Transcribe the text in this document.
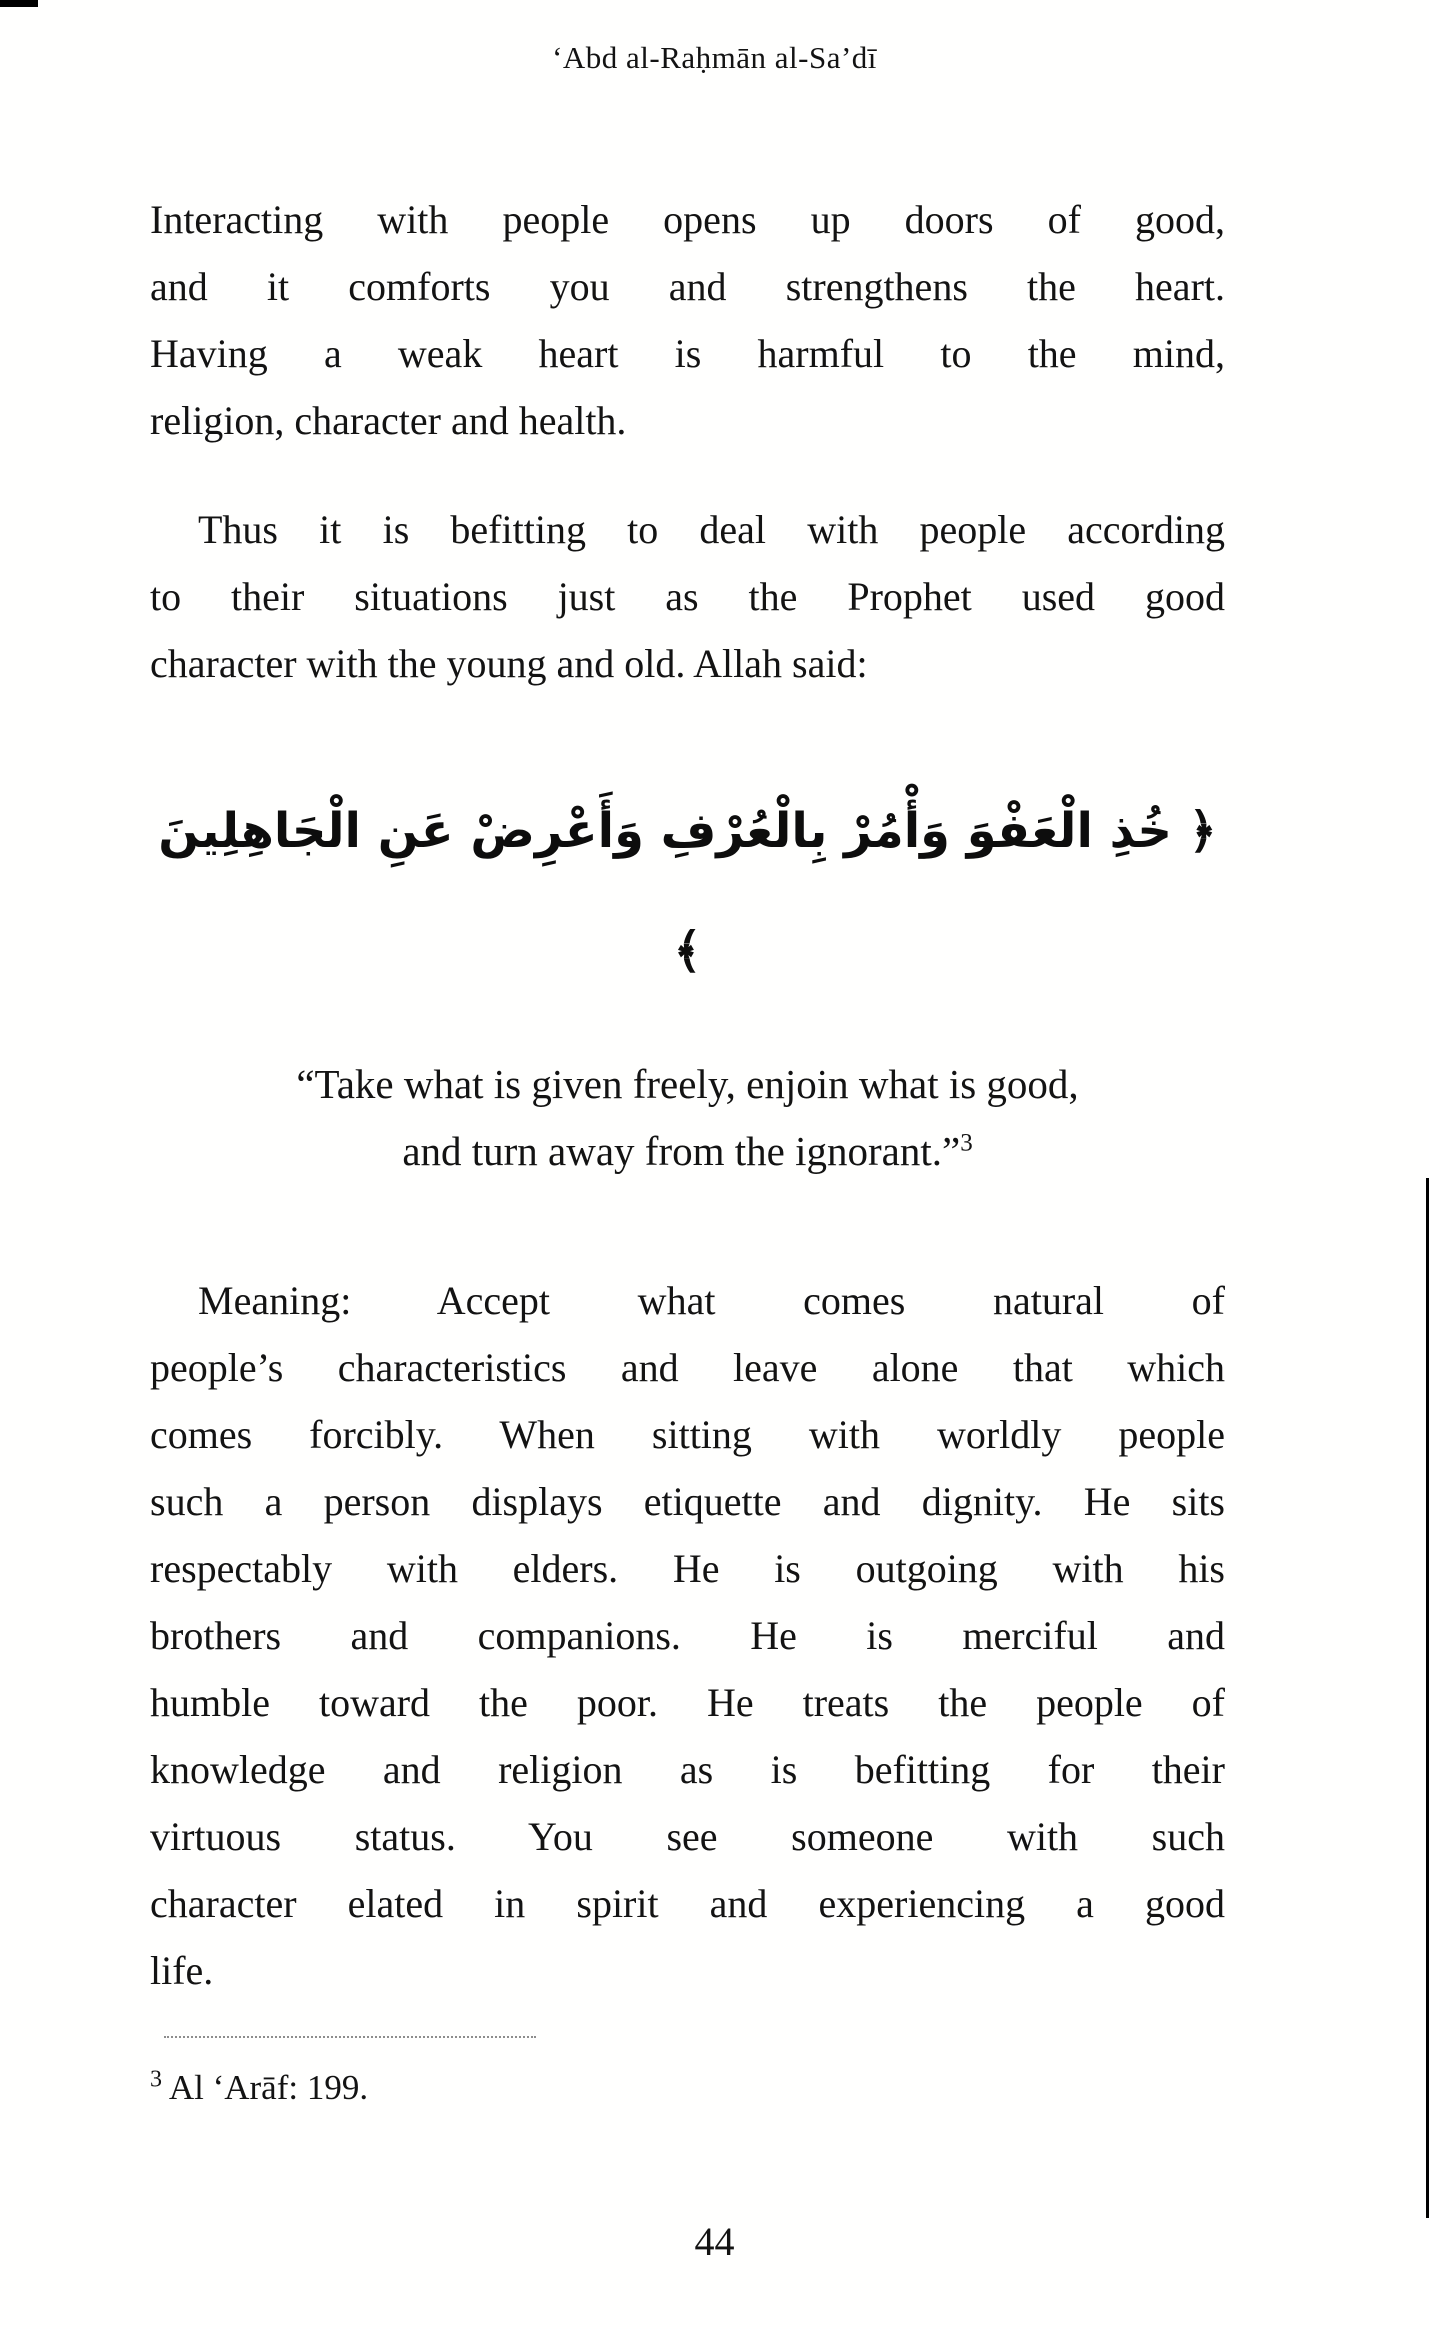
‘Abd al-Raḥmān al-Sa’dī
Interacting with people opens up doors of good,
and it comforts you and strengthens the heart.
Having a weak heart is harmful to the mind,
religion, character and health.
Thus it is befitting to deal with people according
to their situations just as the Prophet used good
character with the young and old. Allah said:
﴿ خُذِ الْعَفْوَ وَأْمُرْ بِالْعُرْفِ وَأَعْرِضْ عَنِ الْجَاهِلِينَ ﴾
“Take what is given freely, enjoin what is good,
and turn away from the ignorant.”$^3$
Meaning: Accept what comes natural of
people’s characteristics and leave alone that which
comes forcibly. When sitting with worldly people
such a person displays etiquette and dignity. He sits
respectably with elders. He is outgoing with his
brothers and companions. He is merciful and
humble toward the poor. He treats the people of
knowledge and religion as is befitting for their
virtuous status. You see someone with such
character elated in spirit and experiencing a good
life.
$^3$ Al ‘Arāf: 199.
44
